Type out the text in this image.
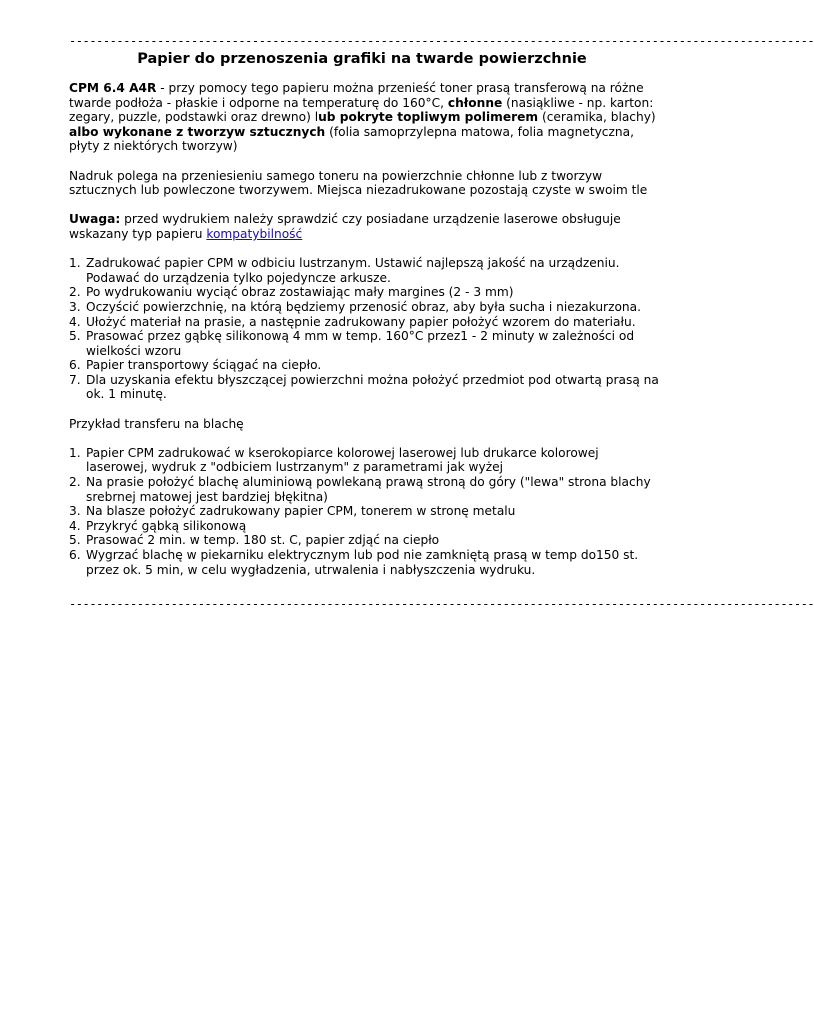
--------------------------------------------------------------------------------------------------------------
Papier do przenoszenia grafiki na twarde powierzchnie

CPM 6.4 A4R - przy pomocy tego papieru można przenieść toner prasą transferową na różne twarde podłoża - płaskie i odporne na temperaturę do 160°C, chłonne (nasiąkliwe - np. karton: zegary, puzzle, podstawki oraz drewno) lub pokryte topliwym polimerem (ceramika, blachy) albo wykonane z tworzyw sztucznych (folia samoprzylepna matowa, folia magnetyczna, płyty z niektórych tworzyw)

Nadruk polega na przeniesieniu samego toneru na powierzchnie chłonne lub z tworzyw sztucznych lub powleczone tworzywem. Miejsca niezadrukowane pozostają czyste w swoim tle

Uwaga: przed wydrukiem należy sprawdzić czy posiadane urządzenie laserowe obsługuje wskazany typ papieru kompatybilność

1. Zadrukować papier CPM w odbiciu lustrzanym. Ustawić najlepszą jakość na urządzeniu. Podawać do urządzenia tylko pojedyncze arkusze.
2. Po wydrukowaniu wyciąć obraz zostawiając mały margines (2 - 3 mm)
3. Oczyścić powierzchnię, na którą będziemy przenosić obraz, aby była sucha i niezakurzona.
4. Ułożyć materiał na prasie, a następnie zadrukowany papier położyć wzorem do materiału.
5. Prasować przez gąbkę silikonową 4 mm w temp. 160°C przez1 - 2 minuty w zależności od wielkości wzoru
6. Papier transportowy ściągać na ciepło.
7. Dla uzyskania efektu błyszczącej powierzchni można położyć przedmiot pod otwartą prasą na ok. 1 minutę.

Przykład transferu na blachę

1. Papier CPM zadrukować w kserokopiarce kolorowej laserowej lub drukarce kolorowej laserowej, wydruk z "odbiciem lustrzanym" z parametrami jak wyżej
2. Na prasie położyć blachę aluminiową powlekaną prawą stroną do góry ("lewa" strona blachy srebrnej matowej jest bardziej błękitna)
3. Na blasze położyć zadrukowany papier CPM, tonerem w stronę metalu
4. Przykryć gąbką silikonową
5. Prasować 2 min. w temp. 180 st. C, papier zdjąć na ciepło
6. Wygrzać blachę w piekarniku elektrycznym lub pod nie zamkniętą prasą w temp do150 st. przez ok. 5 min, w celu wygładzenia, utrwalenia i nabłyszczenia wydruku.
--------------------------------------------------------------------------------------------------------------
